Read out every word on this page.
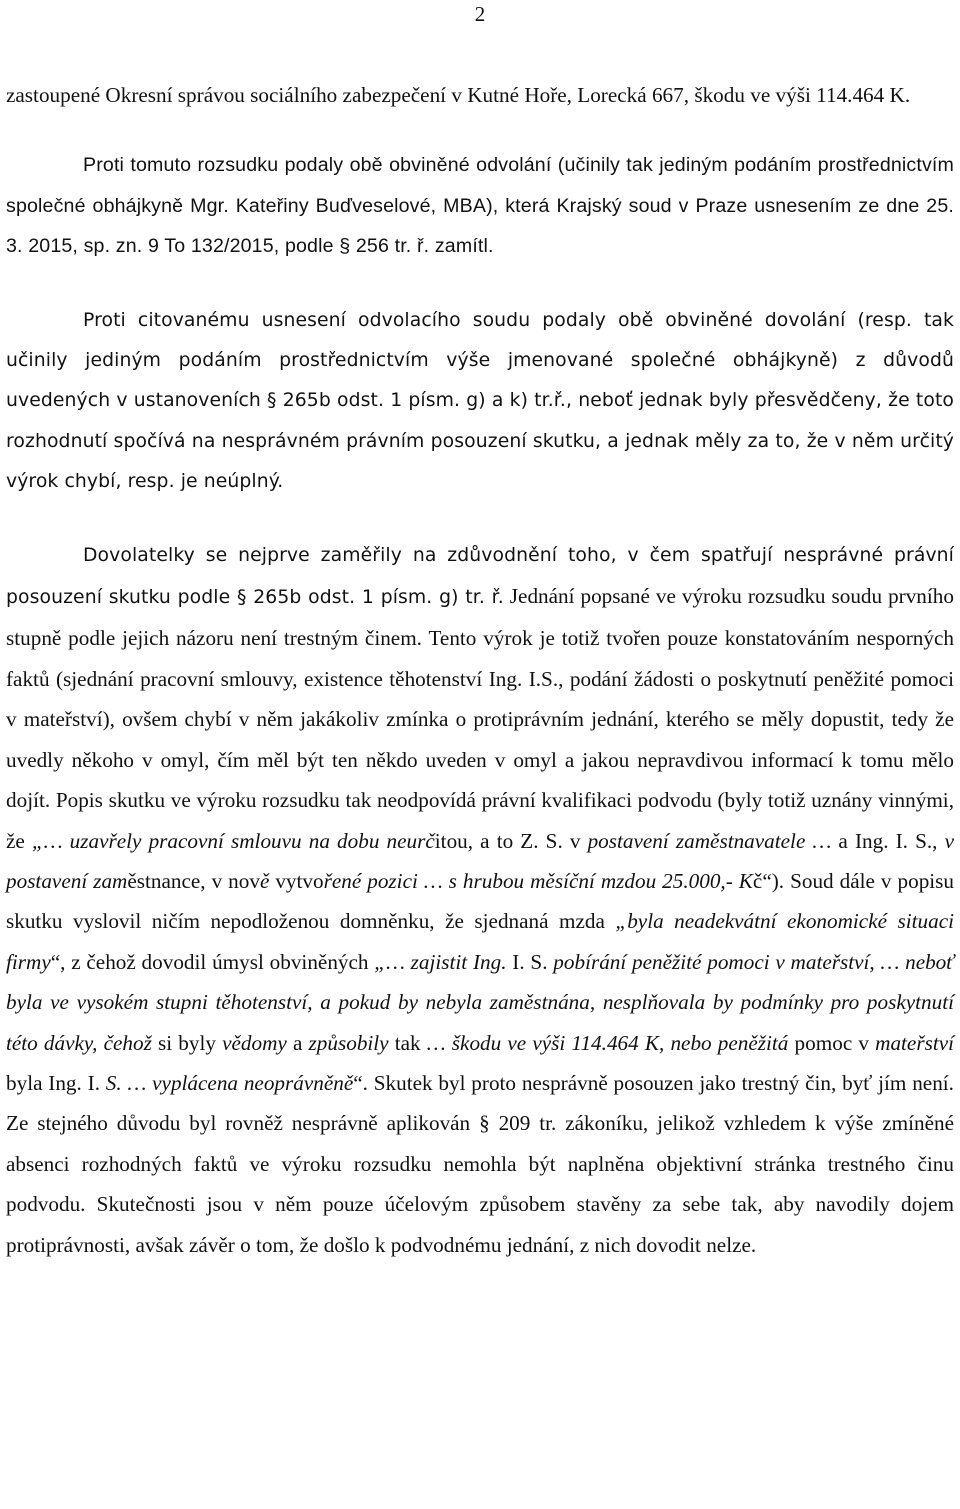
2

zastoupené Okresní správou sociálního zabezpečení v Kutné Hoře, Lorecká 667, škodu ve výši 114.464 K.

Proti tomuto rozsudku podaly obě obviněné odvolání (učinily tak jediným podáním prostřednictvím společné obhájkyně Mgr. Kateřiny Buďveselové, MBA), která Krajský soud v Praze usnesením ze dne 25. 3. 2015, sp. zn. 9 To 132/2015, podle § 256 tr. ř. zamítl.

Proti citovanému usnesení odvolacího soudu podaly obě obviněné dovolání (resp. tak učinily jediným podáním prostřednictvím výše jmenované společné obhájkyně) z důvodů uvedených v ustanoveních § 265b odst. 1 písm. g) a k) tr.ř., neboť jednak byly přesvědčeny, že toto rozhodnutí spočívá na nesprávném právním posouzení skutku, a jednak měly za to, že v něm určitý výrok chybí, resp. je neúplný.

Dovolatelky se nejprve zaměřily na zdůvodnění toho, v čem spatřují nesprávné právní posouzení skutku podle § 265b odst. 1 písm. g) tr. ř. Jednání popsané ve výroku rozsudku soudu prvního stupně podle jejich názoru není trestným činem. Tento výrok je totiž tvořen pouze konstatováním nesporných faktů (sjednání pracovní smlouvy, existence těhotenství Ing. I.S., podání žádosti o poskytnutí peněžité pomoci v mateřství), ovšem chybí v něm jakákoliv zmínka o protiprávním jednání, kterého se měly dopustit, tedy že uvedly někoho v omyl, čím měl být ten někdo uveden v omyl a jakou nepravdivou informací k tomu mělo dojít. Popis skutku ve výroku rozsudku tak neodpovídá právní kvalifikaci podvodu (byly totiž uznány vinnými, že „… uzavřely pracovní smlouvu na dobu neurčitou, a to Z. S. v postavení zaměstnavatele … a Ing. I. S., v postavení zaměstnance, v nově vytvořené pozici … s hrubou měsíční mzdou 25.000,- Kč“). Soud dále v popisu skutku vyslovil ničím nepodloženou domněnku, že sjednaná mzda „byla neadekvátní ekonomické situaci firmy“, z čehož dovodil úmysl obviněných „… zajistit Ing. I. S. pobírání peněžité pomoci v mateřství, … neboť byla ve vysokém stupni těhotenství, a pokud by nebyla zaměstnána, nesplňovala by podmínky pro poskytnutí této dávky, čehož si byly vědomy a způsobily tak … škodu ve výši 114.464 K, nebo peněžitá pomoc v mateřství byla Ing. I. S. … vyplácena neoprávněně“. Skutek byl proto nesprávně posouzen jako trestný čin, byť jím není. Ze stejného důvodu byl rovněž nesprávně aplikován § 209 tr. zákoníku, jelikož vzhledem k výše zmíněné absenci rozhodných faktů ve výroku rozsudku nemohla být naplněna objektivní stránka trestného činu podvodu. Skutečnosti jsou v něm pouze účelovým způsobem stavěny za sebe tak, aby navodily dojem protiprávnosti, avšak závěr o tom, že došlo k podvodnému jednání, z nich dovodit nelze.
